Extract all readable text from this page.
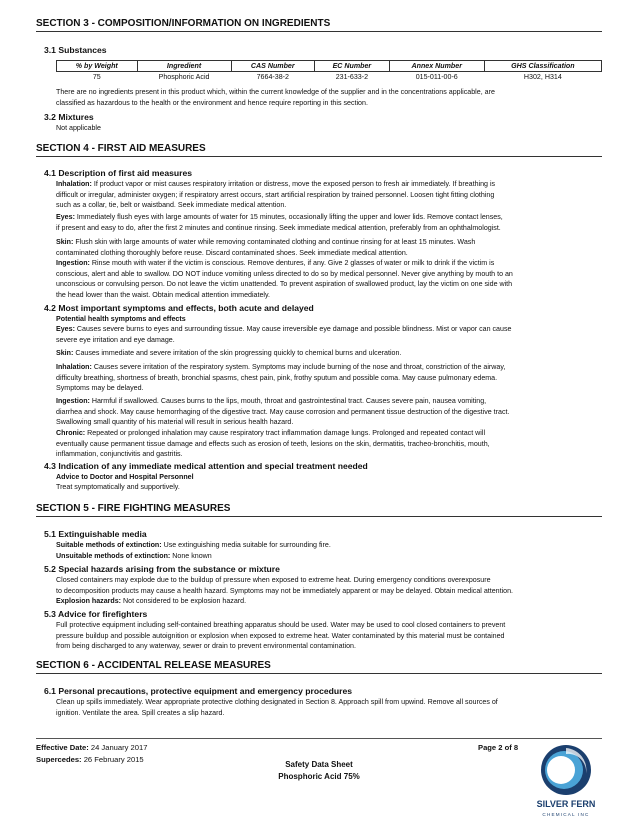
SECTION 3 - COMPOSITION/INFORMATION ON INGREDIENTS
3.1 Substances
% by Weight	Ingredient	CAS Number	EC Number	Annex Number	GHS Classification
75	Phosphoric Acid	7664-38-2	231-633-2	015-011-00-6	H302, H314
There are no ingredients present in this product which, within the current knowledge of the supplier and in the concentrations applicable, are
classified as hazardous to the health or the environment and hence require reporting in this section.
3.2 Mixtures
Not applicable
SECTION 4 - FIRST AID MEASURES
4.1 Description of first aid measures
Inhalation: If product vapor or mist causes respiratory irritation or distress, move the exposed person to fresh air immediately. If breathing is
difficult or irregular, administer oxygen; if respiratory arrest occurs, start artificial respiration by trained personnel. Loosen tight fitting clothing
such as a collar, tie, belt or waistband. Seek immediate medical attention.
Eyes: Immediately flush eyes with large amounts of water for 15 minutes, occasionally lifting the upper and lower lids. Remove contact lenses,
if present and easy to do, after the first 2 minutes and continue rinsing. Seek immediate medical attention, preferably from an ophthalmologist.
Skin: Flush skin with large amounts of water while removing contaminated clothing and continue rinsing for at least 15 minutes. Wash
contaminated clothing thoroughly before reuse. Discard contaminated shoes. Seek immediate medical attention.
Ingestion: Rinse mouth with water if the victim is conscious. Remove dentures, if any. Give 2 glasses of water or milk to drink if the victim is
conscious, alert and able to swallow. DO NOT induce vomiting unless directed to do so by medical personnel. Never give anything by mouth to an
unconscious or convulsing person. Do not leave the victim unattended. To prevent aspiration of swallowed product, lay the victim on one side with
the head lower than the waist. Obtain medical attention immediately.
4.2 Most important symptoms and effects, both acute and delayed
Potential health symptoms and effects
Eyes: Causes severe burns to eyes and surrounding tissue. May cause irreversible eye damage and possible blindness. Mist or vapor can cause
severe eye irritation and eye damage.
Skin: Causes immediate and severe irritation of the skin progressing quickly to chemical burns and ulceration.
Inhalation: Causes severe irritation of the respiratory system. Symptoms may include burning of the nose and throat, constriction of the airway,
difficulty breathing, shortness of breath, bronchial spasms, chest pain, pink, frothy sputum and possible coma. May cause pulmonary edema.
Symptoms may be delayed.
Ingestion: Harmful if swallowed. Causes burns to the lips, mouth, throat and gastrointestinal tract. Causes severe pain, nausea vomiting,
diarrhea and shock. May cause hemorrhaging of the digestive tract. May cause corrosion and permanent tissue destruction of the digestive tract.
Swallowing small quantity of his material will result in serious health hazard.
Chronic: Repeated or prolonged inhalation may cause respiratory tract inflammation damage lungs. Prolonged and repeated contact will
eventually cause permanent tissue damage and effects such as erosion of teeth, lesions on the skin, dermatitis, tracheo-bronchitis, mouth,
inflammation, conjunctivitis and gastritis.
4.3 Indication of any immediate medical attention and special treatment needed
Advice to Doctor and Hospital Personnel
Treat symptomatically and supportively.
SECTION 5 - FIRE FIGHTING MEASURES
5.1 Extinguishable media
Suitable methods of extinction: Use extinguishing media suitable for surrounding fire.
Unsuitable methods of extinction: None known
5.2 Special hazards arising from the substance or mixture
Closed containers may explode due to the buildup of pressure when exposed to extreme heat. During emergency conditions overexposure
to decomposition products may cause a health hazard. Symptoms may not be immediately apparent or may be delayed. Obtain medical attention.
Explosion hazards: Not considered to be explosion hazard.
5.3 Advice for firefighters
Full protective equipment including self-contained breathing apparatus should be used. Water may be used to cool closed containers to prevent
pressure buildup and possible autoignition or explosion when exposed to extreme heat. Water contaminated by this material must be contained
from being discharged to any waterway, sewer or drain to prevent environmental contamination.
SECTION 6 - ACCIDENTAL RELEASE MEASURES
6.1 Personal precautions, protective equipment and emergency procedures
Clean up spills immediately. Wear appropriate protective clothing designated in Section 8. Approach spill from upwind. Remove all sources of
ignition. Ventilate the area. Spill creates a slip hazard.
Effective Date: 24 January 2017
Supercedes: 26 February 2015
Page 2 of 8
Safety Data Sheet
Phosphoric Acid 75%
SILVER FERN
CHEMICAL INC
